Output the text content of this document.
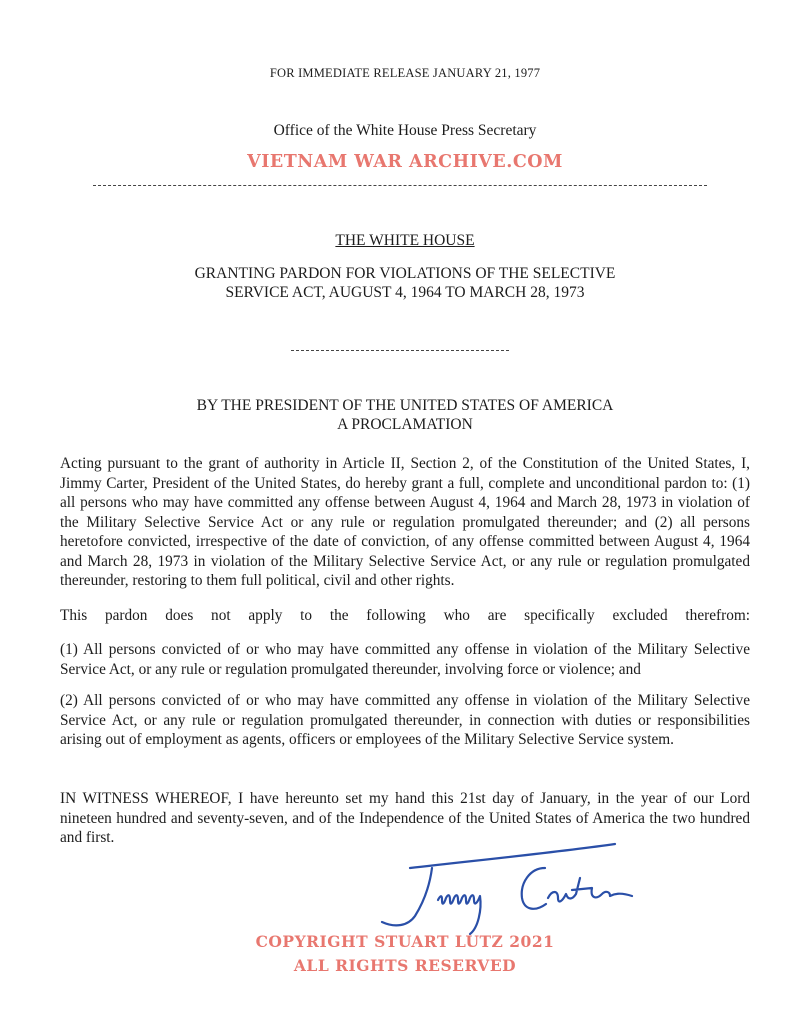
FOR IMMEDIATE RELEASE JANUARY 21, 1977
Office of the White House Press Secretary
VIETNAM WAR ARCHIVE.COM
THE WHITE HOUSE
GRANTING PARDON FOR VIOLATIONS OF THE SELECTIVE
SERVICE ACT, AUGUST 4, 1964 TO MARCH 28, 1973
BY THE PRESIDENT OF THE UNITED STATES OF AMERICA
A PROCLAMATION
Acting pursuant to the grant of authority in Article II, Section 2, of the Constitution of the United States, I, Jimmy Carter, President of the United States, do hereby grant a full, complete and unconditional pardon to: (1) all persons who may have committed any offense between August 4, 1964 and March 28, 1973 in violation of the Military Selective Service Act or any rule or regulation promulgated thereunder; and (2) all persons heretofore convicted, irrespective of the date of conviction, of any offense committed between August 4, 1964 and March 28, 1973 in violation of the Military Selective Service Act, or any rule or regulation promulgated thereunder, restoring to them full political, civil and other rights.
This pardon does not apply to the following who are specifically excluded therefrom:
(1) All persons convicted of or who may have committed any offense in violation of the Military Selective Service Act, or any rule or regulation promulgated thereunder, involving force or violence; and
(2) All persons convicted of or who may have committed any offense in violation of the Military Selective Service Act, or any rule or regulation promulgated thereunder, in connection with duties or responsibilities arising out of employment as agents, officers or employees of the Military Selective Service system.
IN WITNESS WHEREOF, I have hereunto set my hand this 21st day of January, in the year of our Lord nineteen hundred and seventy-seven, and of the Independence of the United States of America the two hundred and first.
COPYRIGHT STUART LUTZ 2021
ALL RIGHTS RESERVED
